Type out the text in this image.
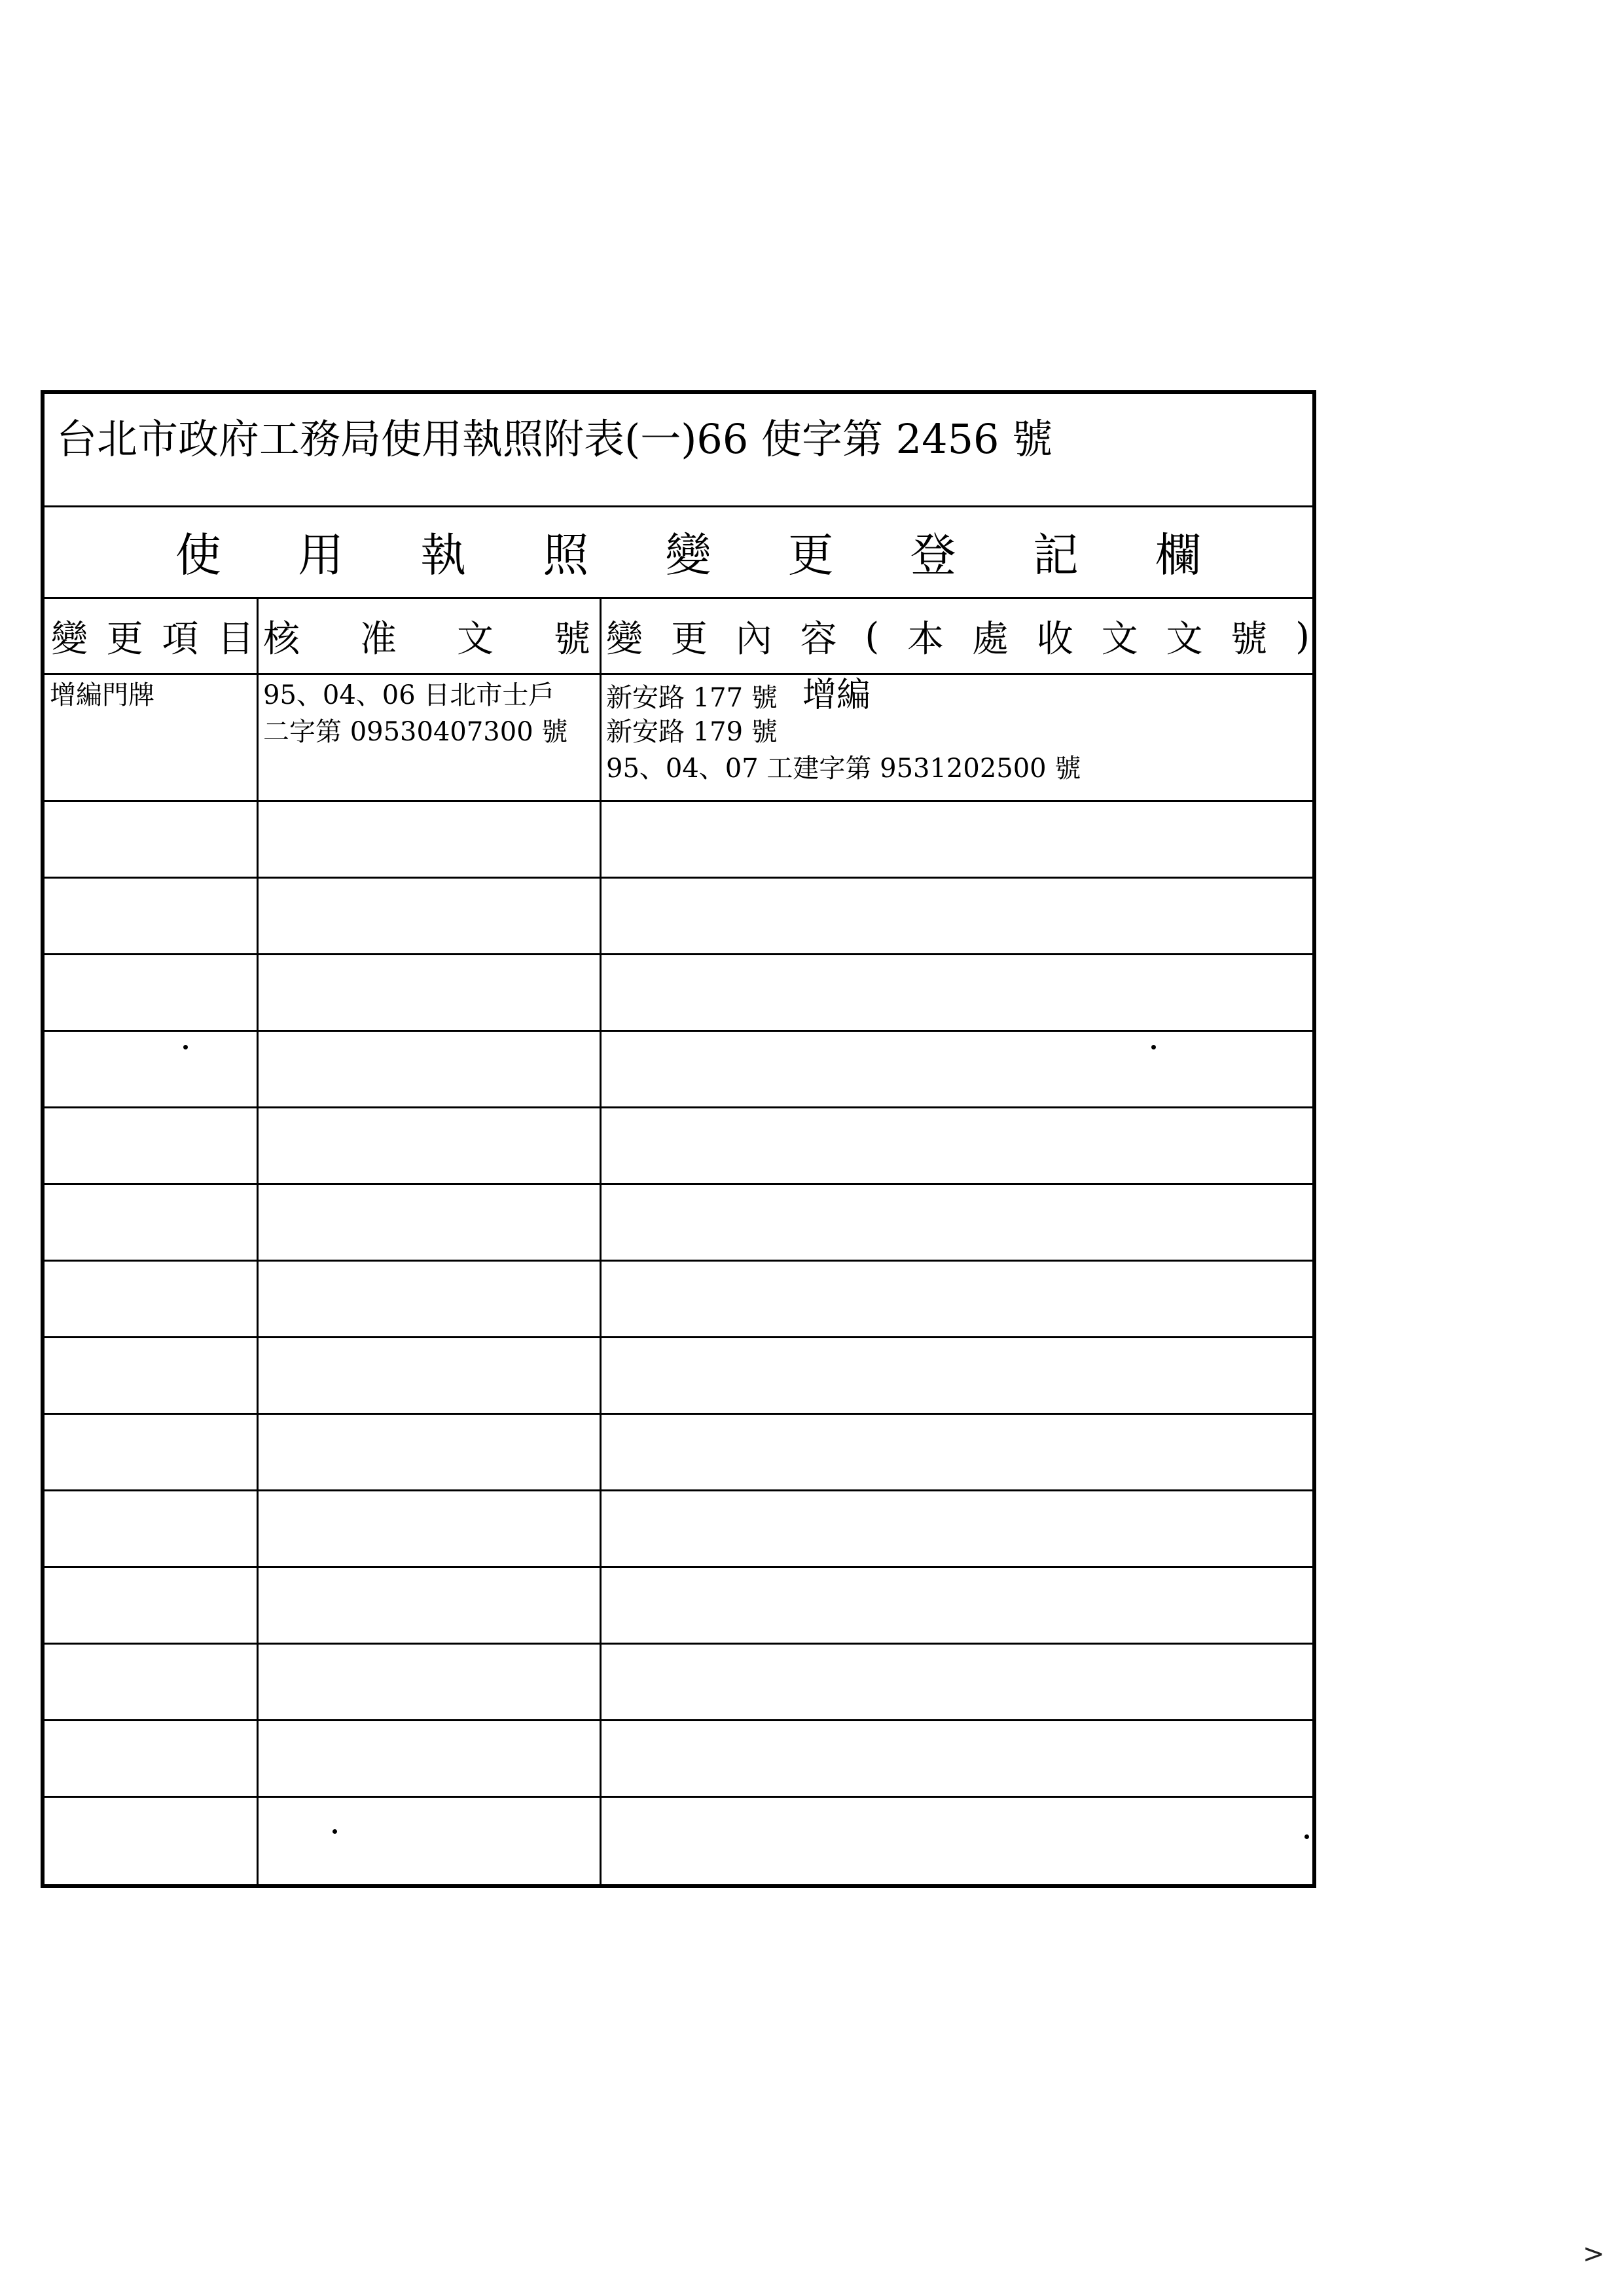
台北市政府工務局使用執照附表(一)66 使字第 2456 號
使 用 執 照 變 更 登 記 欄
變 更 項 目 核 准 文 號 變 更 內 容 ( 本 處 收 文 文 號 )
增編門牌	95、04、06 日北市士戶
二字第 09530407300 號
新安路 177 號 增編
新安路 179 號
95、04、07 工建字第 9531202500 號
>
